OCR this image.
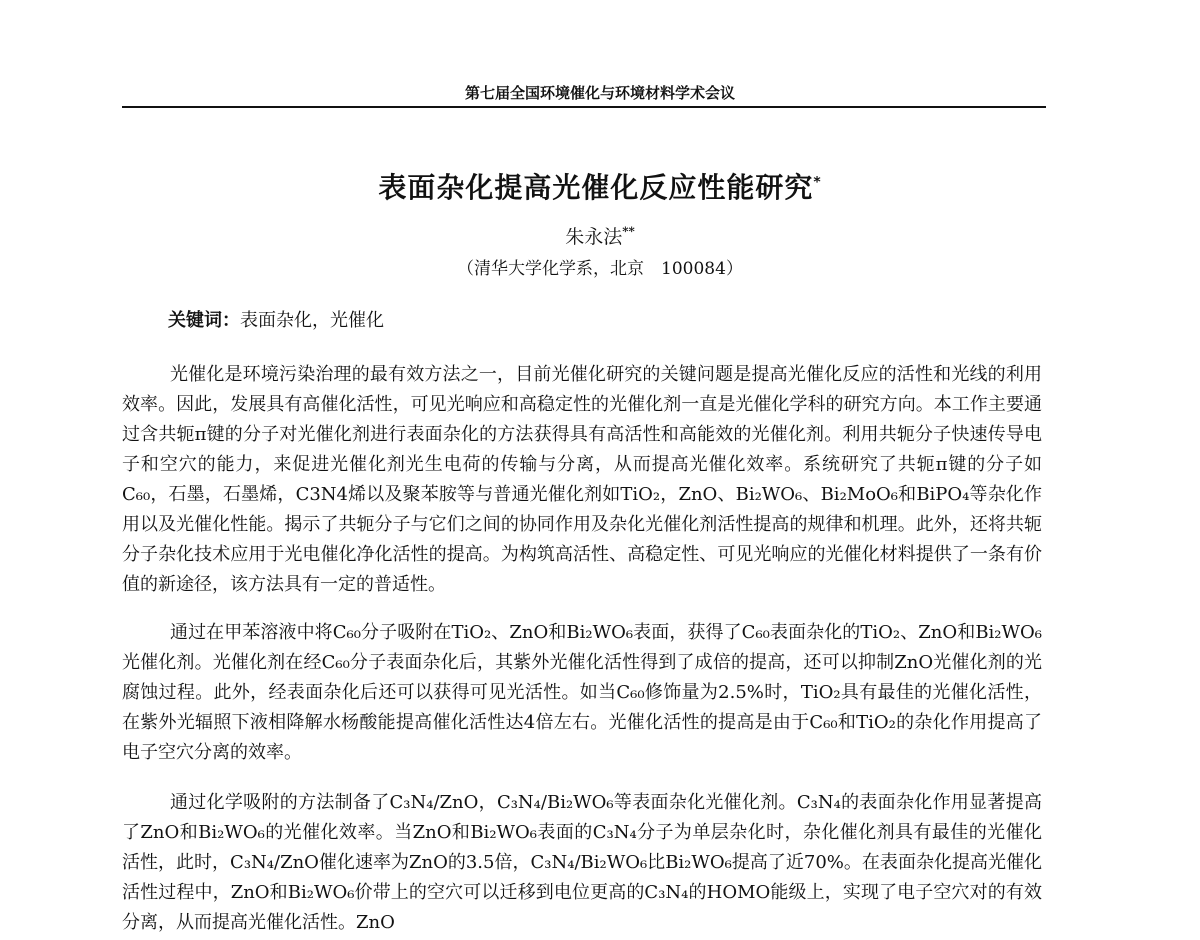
第七届全国环境催化与环境材料学术会议
表面杂化提高光催化反应性能研究*
朱永法**
（清华大学化学系，北京　100084）
关键词：表面杂化，光催化

光催化是环境污染治理的最有效方法之一，目前光催化研究的关键问题是提高光催化反应的活性和光线的利用效率。因此，发展具有高催化活性，可见光响应和高稳定性的光催化剂一直是光催化学科的研究方向。本工作主要通过含共轭π键的分子对光催化剂进行表面杂化的方法获得具有高活性和高能效的光催化剂。利用共轭分子快速传导电子和空穴的能力，来促进光催化剂光生电荷的传输与分离，从而提高光催化效率。系统研究了共轭π键的分子如C₆₀，石墨，石墨烯，C3N4烯以及聚苯胺等与普通光催化剂如TiO₂，ZnO、Bi₂WO₆、Bi₂MoO₆和BiPO₄等杂化作用以及光催化性能。揭示了共轭分子与它们之间的协同作用及杂化光催化剂活性提高的规律和机理。此外，还将共轭分子杂化技术应用于光电催化净化活性的提高。为构筑高活性、高稳定性、可见光响应的光催化材料提供了一条有价值的新途径，该方法具有一定的普适性。

通过在甲苯溶液中将C₆₀分子吸附在TiO₂、ZnO和Bi₂WO₆表面，获得了C₆₀表面杂化的TiO₂、ZnO和Bi₂WO₆光催化剂。光催化剂在经C₆₀分子表面杂化后，其紫外光催化活性得到了成倍的提高，还可以抑制ZnO光催化剂的光腐蚀过程。此外，经表面杂化后还可以获得可见光活性。如当C₆₀修饰量为2.5%时，TiO₂具有最佳的光催化活性，在紫外光辐照下液相降解水杨酸能提高催化活性达4倍左右。光催化活性的提高是由于C₆₀和TiO₂的杂化作用提高了电子空穴分离的效率。

通过化学吸附的方法制备了C₃N₄/ZnO，C₃N₄/Bi₂WO₆等表面杂化光催化剂。C₃N₄的表面杂化作用显著提高了ZnO和Bi₂WO₆的光催化效率。当ZnO和Bi₂WO₆表面的C₃N₄分子为单层杂化时，杂化催化剂具有最佳的光催化活性，此时，C₃N₄/ZnO催化速率为ZnO的3.5倍，C₃N₄/Bi₂WO₆比Bi₂WO₆提高了近70%。在表面杂化提高光催化活性过程中，ZnO和Bi₂WO₆价带上的空穴可以迁移到电位更高的C₃N₄的HOMO能级上，实现了电子空穴对的有效分离，从而提高光催化活性。ZnO
